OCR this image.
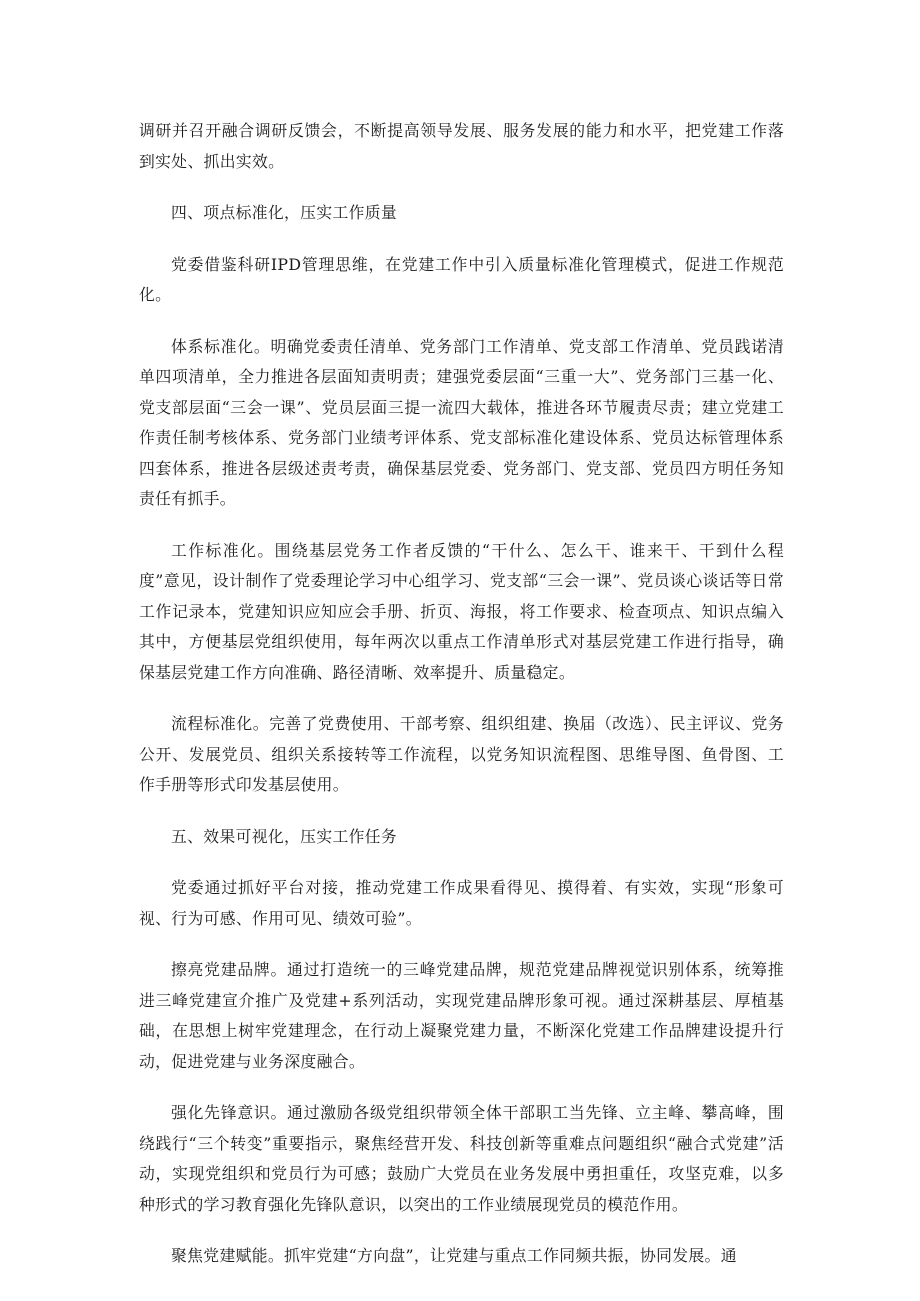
调研并召开融合调研反馈会，不断提高领导发展、服务发展的能力和水平，把党建工作落到实处、抓出实效。

四、项点标准化，压实工作质量

党委借鉴科研IPD管理思维，在党建工作中引入质量标准化管理模式，促进工作规范化。

体系标准化。明确党委责任清单、党务部门工作清单、党支部工作清单、党员践诺清单四项清单，全力推进各层面知责明责；建强党委层面“三重一大”、党务部门三基一化、党支部层面“三会一课”、党员层面三提一流四大载体，推进各环节履责尽责；建立党建工作责任制考核体系、党务部门业绩考评体系、党支部标准化建设体系、党员达标管理体系四套体系，推进各层级述责考责，确保基层党委、党务部门、党支部、党员四方明任务知责任有抓手。

工作标准化。围绕基层党务工作者反馈的“干什么、怎么干、谁来干、干到什么程度”意见，设计制作了党委理论学习中心组学习、党支部“三会一课”、党员谈心谈话等日常工作记录本，党建知识应知应会手册、折页、海报，将工作要求、检查项点、知识点编入其中，方便基层党组织使用，每年两次以重点工作清单形式对基层党建工作进行指导，确保基层党建工作方向准确、路径清晰、效率提升、质量稳定。

流程标准化。完善了党费使用、干部考察、组织组建、换届（改选）、民主评议、党务公开、发展党员、组织关系接转等工作流程，以党务知识流程图、思维导图、鱼骨图、工作手册等形式印发基层使用。

五、效果可视化，压实工作任务

党委通过抓好平台对接，推动党建工作成果看得见、摸得着、有实效，实现“形象可视、行为可感、作用可见、绩效可验”。

擦亮党建品牌。通过打造统一的三峰党建品牌，规范党建品牌视觉识别体系，统筹推进三峰党建宣介推广及党建+系列活动，实现党建品牌形象可视。通过深耕基层、厚植基础，在思想上树牢党建理念，在行动上凝聚党建力量，不断深化党建工作品牌建设提升行动，促进党建与业务深度融合。

强化先锋意识。通过激励各级党组织带领全体干部职工当先锋、立主峰、攀高峰，围绕践行“三个转变”重要指示，聚焦经营开发、科技创新等重难点问题组织“融合式党建”活动，实现党组织和党员行为可感；鼓励广大党员在业务发展中勇担重任，攻坚克难，以多种形式的学习教育强化先锋队意识，以突出的工作业绩展现党员的模范作用。

聚焦党建赋能。抓牢党建“方向盘”，让党建与重点工作同频共振，协同发展。通
